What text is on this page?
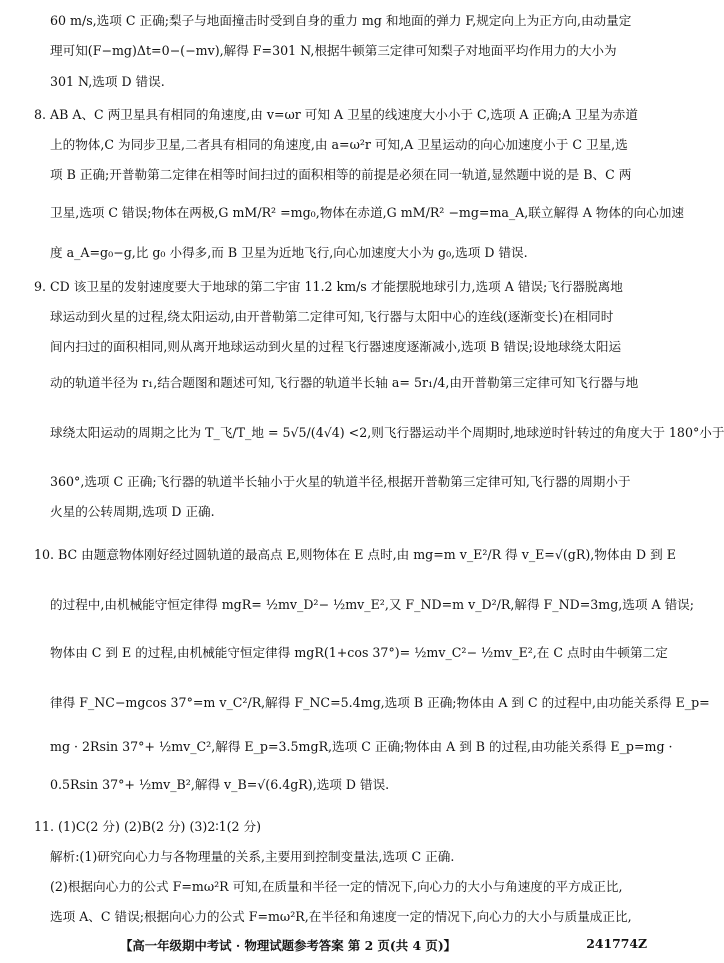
60 m/s,选项 C 正确;梨子与地面撞击时受到自身的重力 mg 和地面的弹力 F,规定向上为正方向,由动量定
理可知(F−mg)Δt=0−(−mv),解得 F=301 N,根据牛顿第三定律可知梨子对地面平均作用力的大小为
301 N,选项 D 错误.
8. AB A、C 两卫星具有相同的角速度,由 v=ωr 可知 A 卫星的线速度大小小于 C,选项 A 正确;A 卫星为赤道
上的物体,C 为同步卫星,二者具有相同的角速度,由 a=ω²r 可知,A 卫星运动的向心加速度小于 C 卫星,选
项 B 正确;开普勒第二定律在相等时间扫过的面积相等的前提是必须在同一轨道,显然题中说的是 B、C 两
卫星,选项 C 错误;物体在两极,G mM/R² =mg₀,物体在赤道,G mM/R² −mg=ma_A,联立解得 A 物体的向心加速
度 a_A=g₀−g,比 g₀ 小得多,而 B 卫星为近地飞行,向心加速度大小为 g₀,选项 D 错误.
9. CD 该卫星的发射速度要大于地球的第二宇宙 11.2 km/s 才能摆脱地球引力,选项 A 错误;飞行器脱离地
球运动到火星的过程,绕太阳运动,由开普勒第二定律可知,飞行器与太阳中心的连线(逐渐变长)在相同时
间内扫过的面积相同,则从离开地球运动到火星的过程飞行器速度逐渐减小,选项 B 错误;设地球绕太阳运
动的轨道半径为 r₁,结合题图和题述可知,飞行器的轨道半长轴 a= 5r₁/4,由开普勒第三定律可知飞行器与地
球绕太阳运动的周期之比为 T_飞/T_地 = 5√5/(4√4) <2,则飞行器运动半个周期时,地球逆时针转过的角度大于 180°小于
360°,选项 C 正确;飞行器的轨道半长轴小于火星的轨道半径,根据开普勒第三定律可知,飞行器的周期小于
火星的公转周期,选项 D 正确.
10. BC 由题意物体刚好经过圆轨道的最高点 E,则物体在 E 点时,由 mg=m v_E²/R 得 v_E=√(gR),物体由 D 到 E
的过程中,由机械能守恒定律得 mgR= ½mv_D²− ½mv_E²,又 F_ND=m v_D²/R,解得 F_ND=3mg,选项 A 错误;
物体由 C 到 E 的过程,由机械能守恒定律得 mgR(1+cos 37°)= ½mv_C²− ½mv_E²,在 C 点时由牛顿第二定
律得 F_NC−mgcos 37°=m v_C²/R,解得 F_NC=5.4mg,选项 B 正确;物体由 A 到 C 的过程中,由功能关系得 E_p=
mg · 2Rsin 37°+ ½mv_C²,解得 E_p=3.5mgR,选项 C 正确;物体由 A 到 B 的过程,由功能关系得 E_p=mg ·
0.5Rsin 37°+ ½mv_B²,解得 v_B=√(6.4gR),选项 D 错误.
11. (1)C(2 分) (2)B(2 分) (3)2∶1(2 分)
解析:(1)研究向心力与各物理量的关系,主要用到控制变量法,选项 C 正确.
(2)根据向心力的公式 F=mω²R 可知,在质量和半径一定的情况下,向心力的大小与角速度的平方成正比,
选项 A、C 错误;根据向心力的公式 F=mω²R,在半径和角速度一定的情况下,向心力的大小与质量成正比,
【高一年级期中考试 · 物理试题参考答案 第 2 页(共 4 页)】	241774Z
